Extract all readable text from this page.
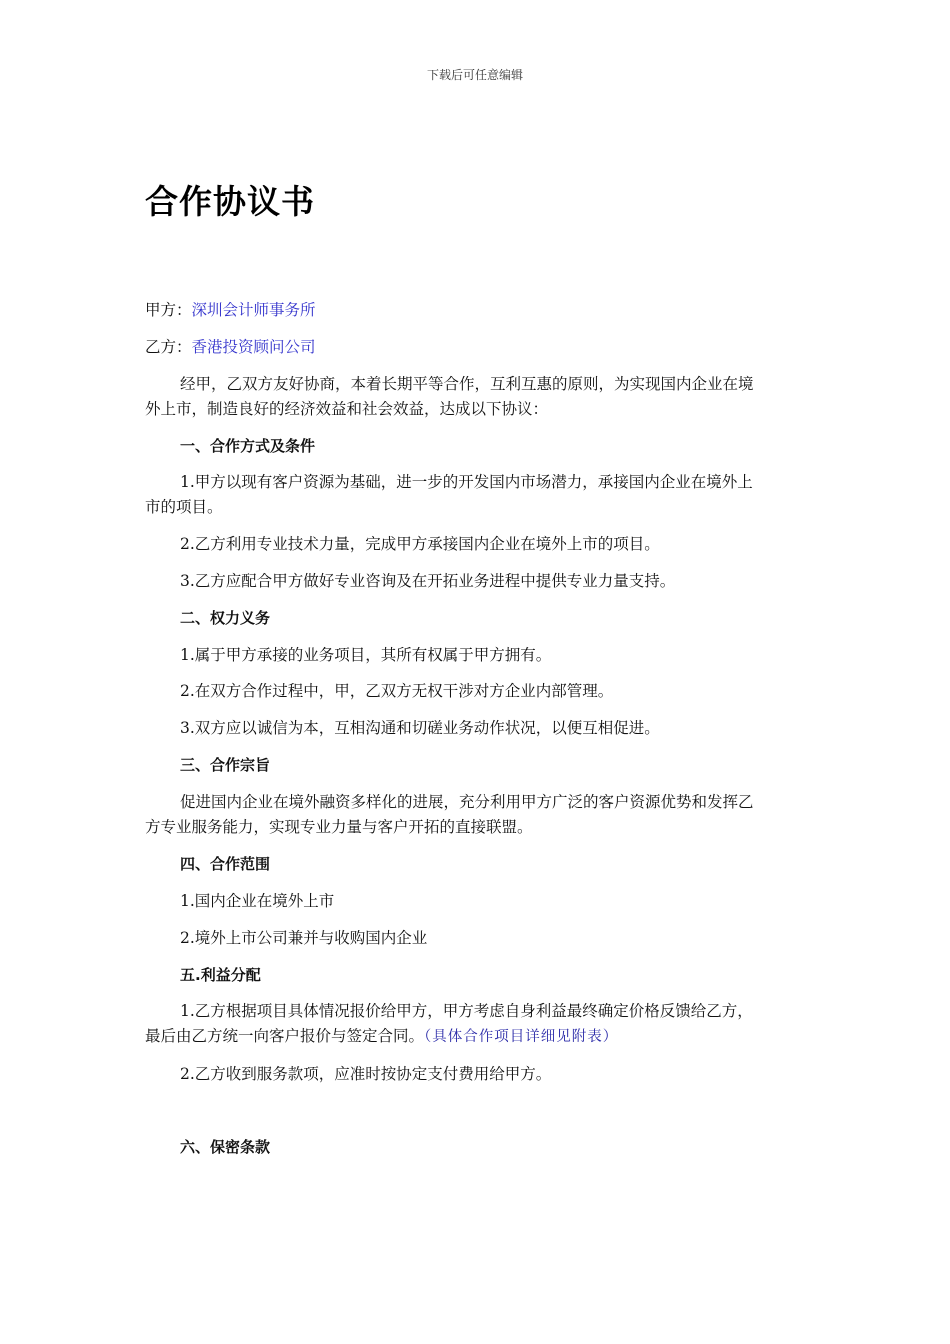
下载后可任意编辑
合作协议书
甲方：深圳会计师事务所
乙方：香港投资顾问公司
经甲，乙双方友好协商，本着长期平等合作，互利互惠的原则，为实现国内企业在境
外上市，制造良好的经济效益和社会效益，达成以下协议：
一、合作方式及条件
1.甲方以现有客户资源为基础，进一步的开发国内市场潜力，承接国内企业在境外上
市的项目。
2.乙方利用专业技术力量，完成甲方承接国内企业在境外上市的项目。
3.乙方应配合甲方做好专业咨询及在开拓业务进程中提供专业力量支持。
二、权力义务
1.属于甲方承接的业务项目，其所有权属于甲方拥有。
2.在双方合作过程中，甲，乙双方无权干涉对方企业内部管理。
3.双方应以诚信为本，互相沟通和切磋业务动作状况，以便互相促进。
三、合作宗旨
促进国内企业在境外融资多样化的进展，充分利用甲方广泛的客户资源优势和发挥乙
方专业服务能力，实现专业力量与客户开拓的直接联盟。
四、合作范围
1.国内企业在境外上市
2.境外上市公司兼并与收购国内企业
五.利益分配
1.乙方根据项目具体情况报价给甲方，甲方考虑自身利益最终确定价格反馈给乙方，
最后由乙方统一向客户报价与签定合同。（具体合作项目详细见附表）
2.乙方收到服务款项，应准时按协定支付费用给甲方。
六、保密条款
